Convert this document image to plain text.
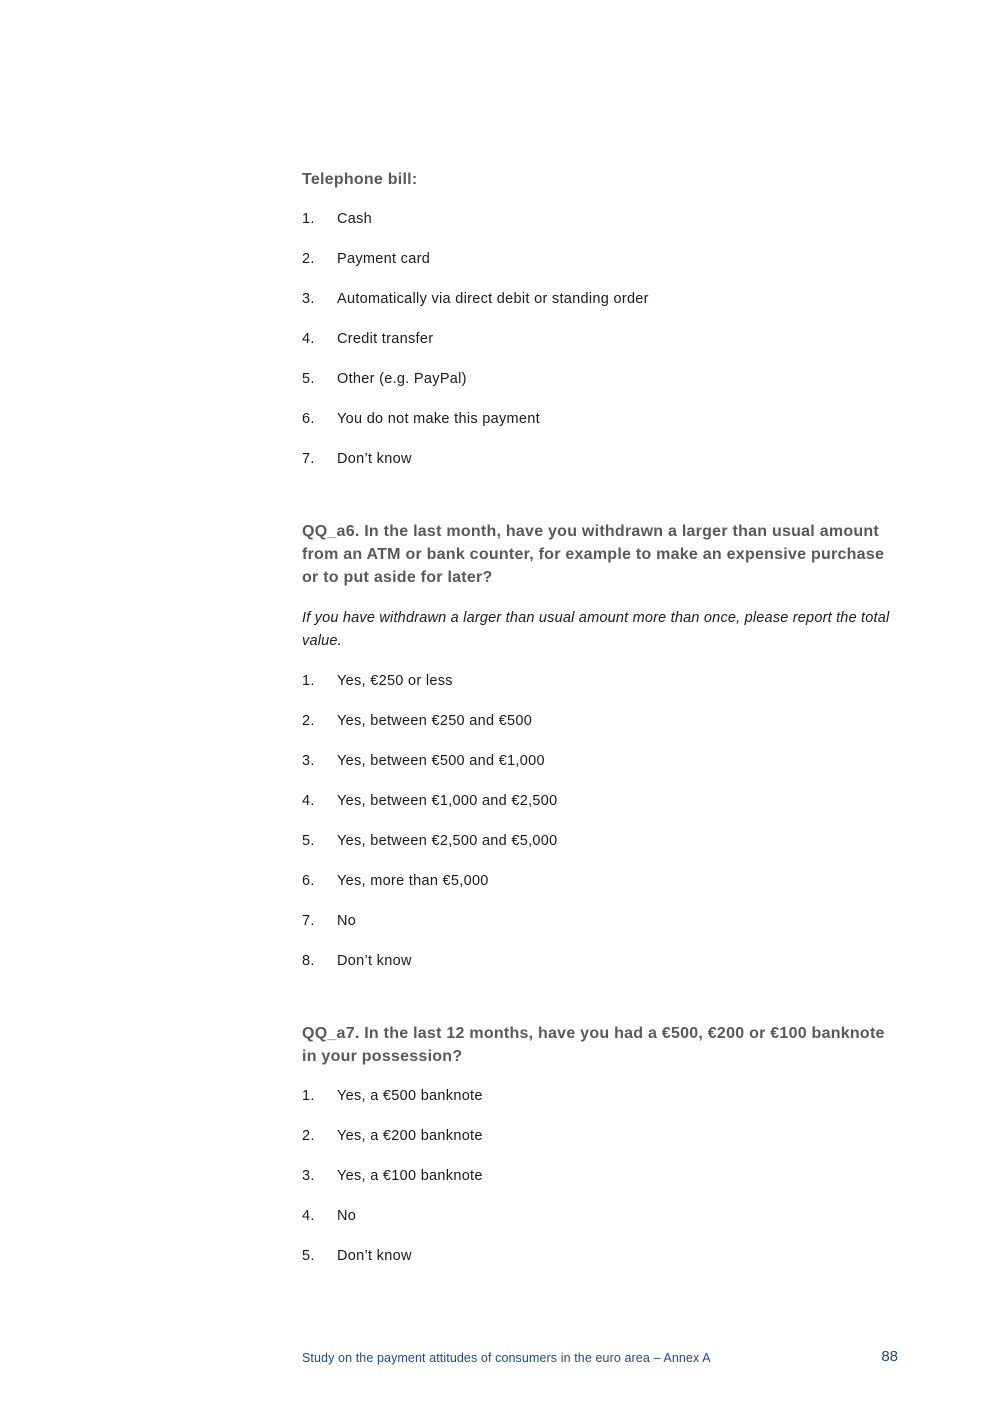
Telephone bill:

1.	Cash
2.	Payment card
3.	Automatically via direct debit or standing order
4.	Credit transfer
5.	Other (e.g. PayPal)
6.	You do not make this payment
7.	Don’t know

QQ_a6. In the last month, have you withdrawn a larger than usual amount from an ATM or bank counter, for example to make an expensive purchase or to put aside for later?

If you have withdrawn a larger than usual amount more than once, please report the total value.

1.	Yes, €250 or less
2.	Yes, between €250 and €500
3.	Yes, between €500 and €1,000
4.	Yes, between €1,000 and €2,500
5.	Yes, between €2,500 and €5,000
6.	Yes, more than €5,000
7.	No
8.	Don’t know

QQ_a7. In the last 12 months, have you had a €500, €200 or €100 banknote in your possession?

1.	Yes, a €500 banknote
2.	Yes, a €200 banknote
3.	Yes, a €100 banknote
4.	No
5.	Don’t know
Study on the payment attitudes of consumers in the euro area – Annex A	88
